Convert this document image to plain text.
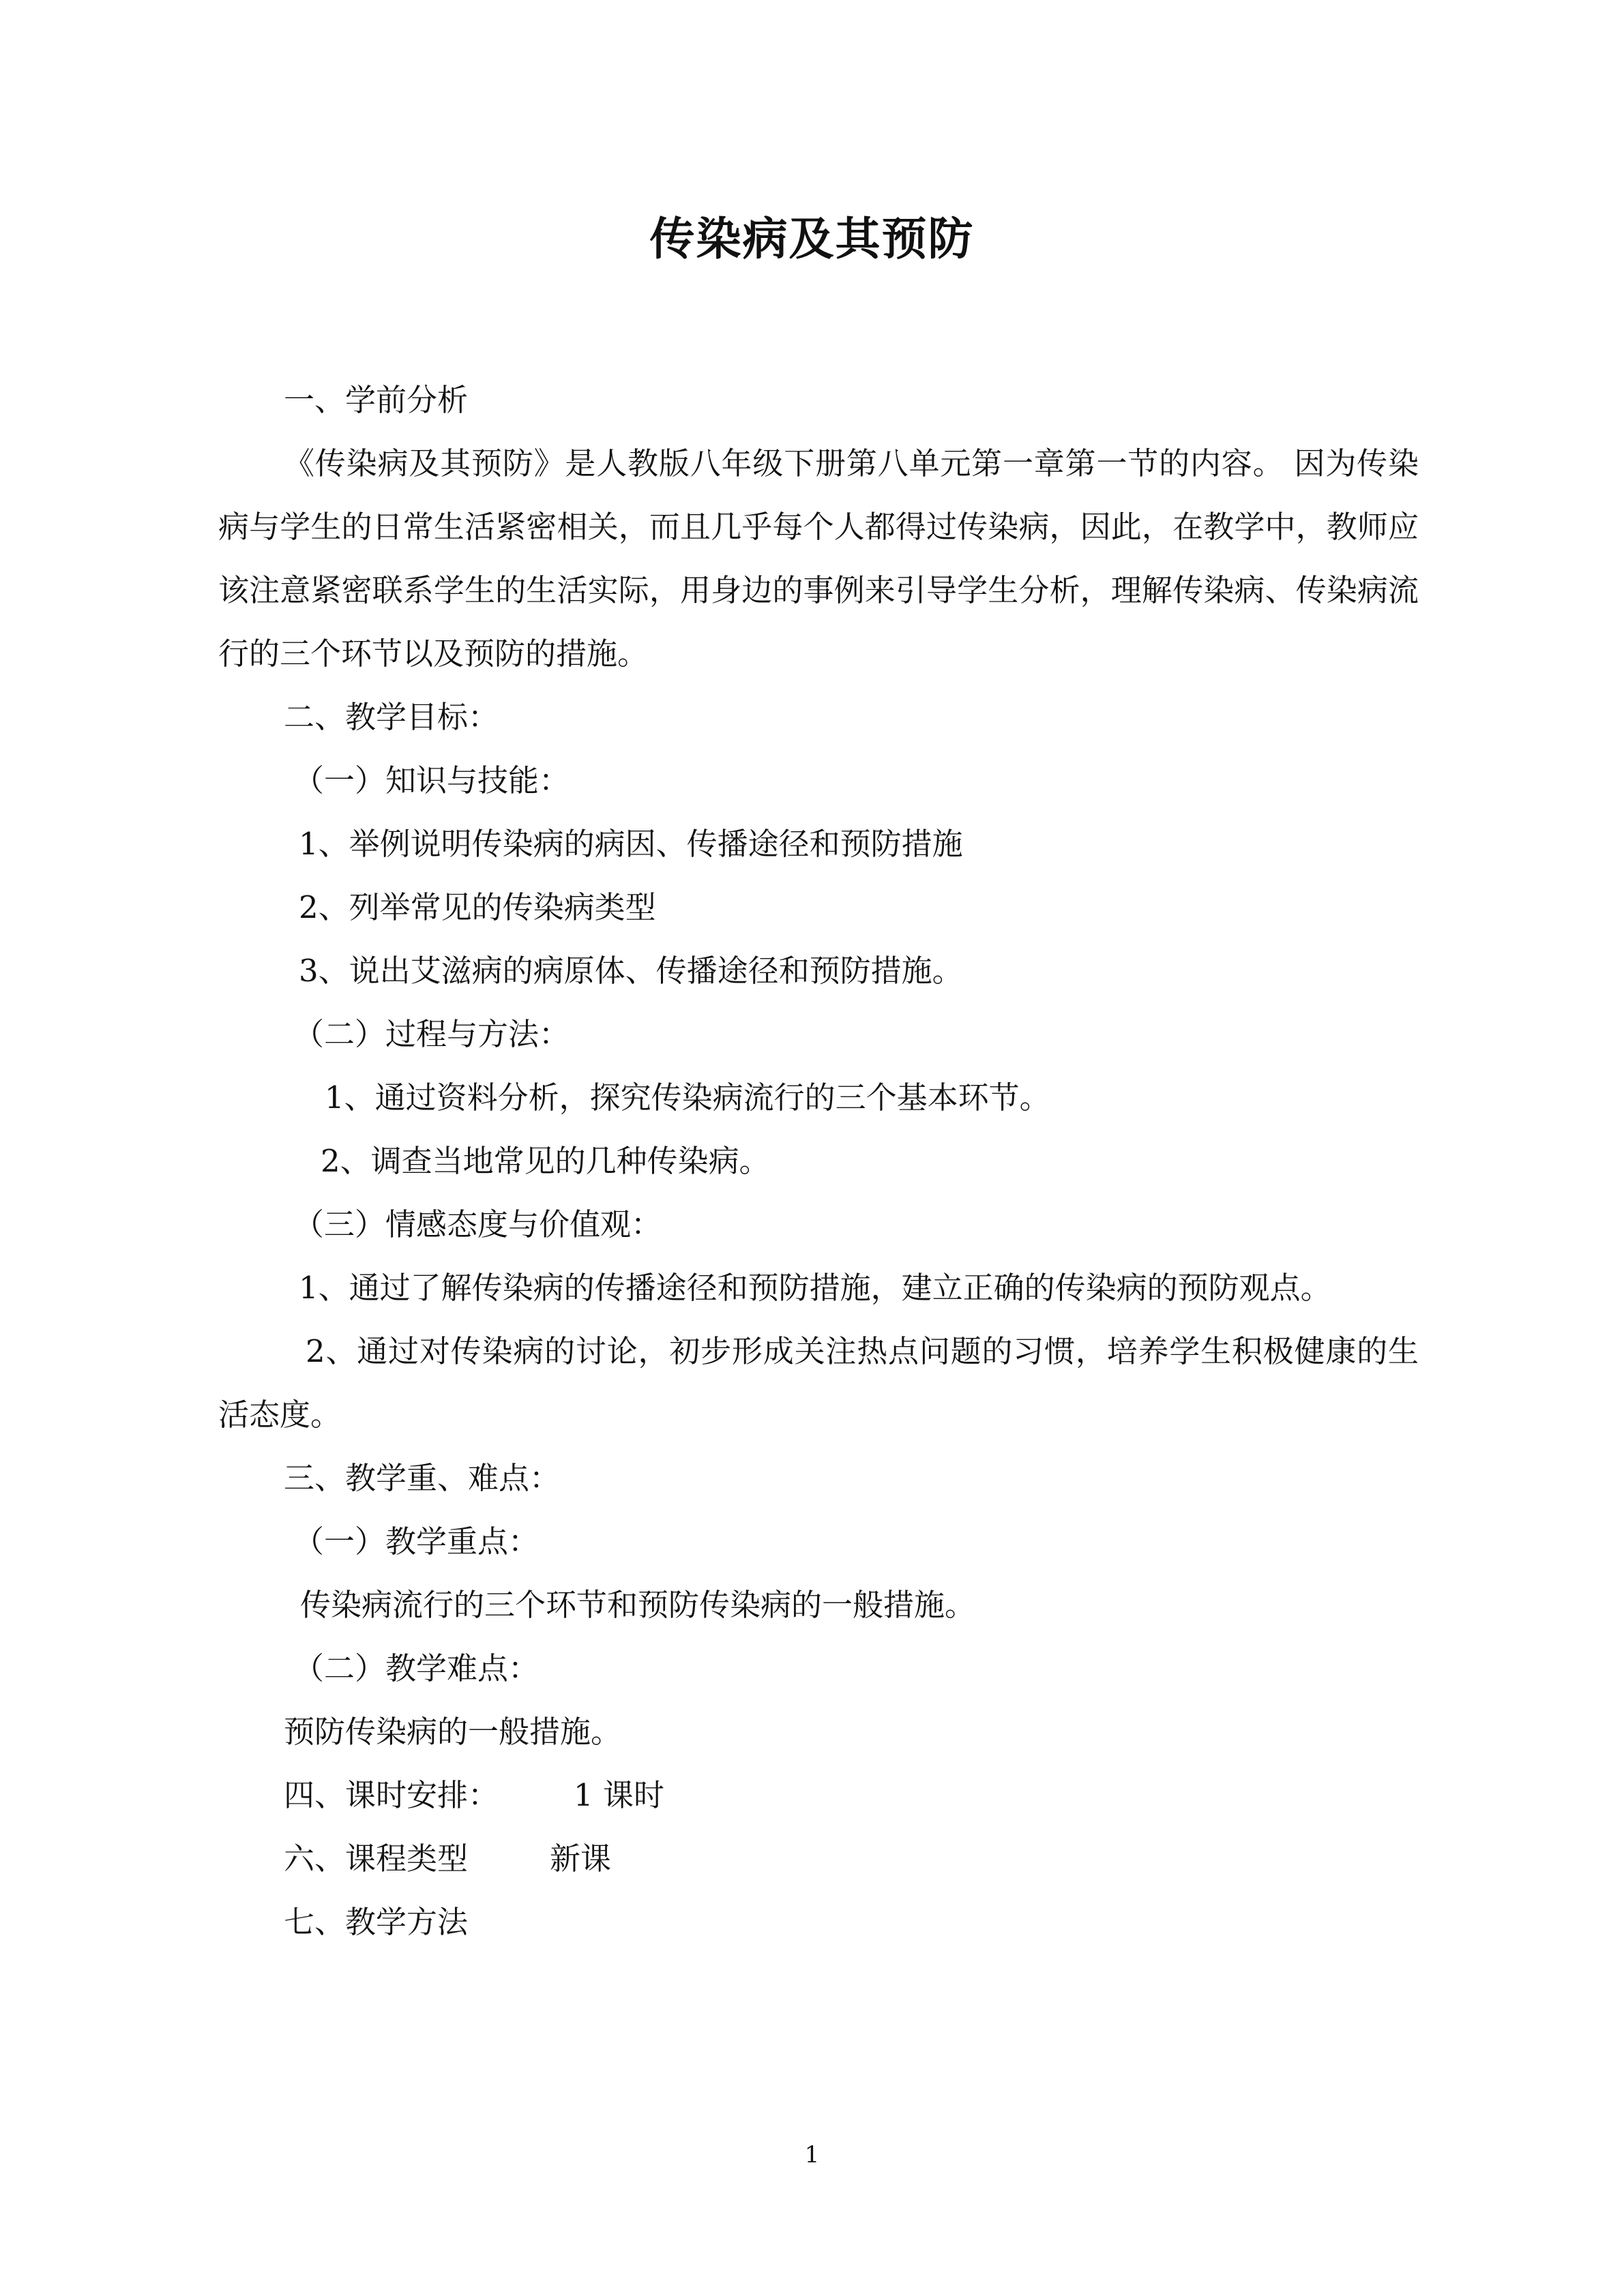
传染病及其预防
一、学前分析
《传染病及其预防》是人教版八年级下册第八单元第一章第一节的内容。 因为传染病与学生的日常生活紧密相关，而且几乎每个人都得过传染病，因此，在教学中，教师应该注意紧密联系学生的生活实际，用身边的事例来引导学生分析，理解传染病、传染病流行的三个环节以及预防的措施。
二、教学目标：
（一）知识与技能：
1、举例说明传染病的病因、传播途径和预防措施
2、列举常见的传染病类型
3、说出艾滋病的病原体、传播途径和预防措施。
（二）过程与方法：
1、通过资料分析，探究传染病流行的三个基本环节。
2、调查当地常见的几种传染病。
（三）情感态度与价值观：
1、通过了解传染病的传播途径和预防措施，建立正确的传染病的预防观点。
2、通过对传染病的讨论，初步形成关注热点问题的习惯，培养学生积极健康的生活态度。
三、教学重、难点：
（一）教学重点：
传染病流行的三个环节和预防传染病的一般措施。
（二）教学难点：
预防传染病的一般措施。
四、课时安排： 1 课时
六、课程类型	新课
七、教学方法
1
